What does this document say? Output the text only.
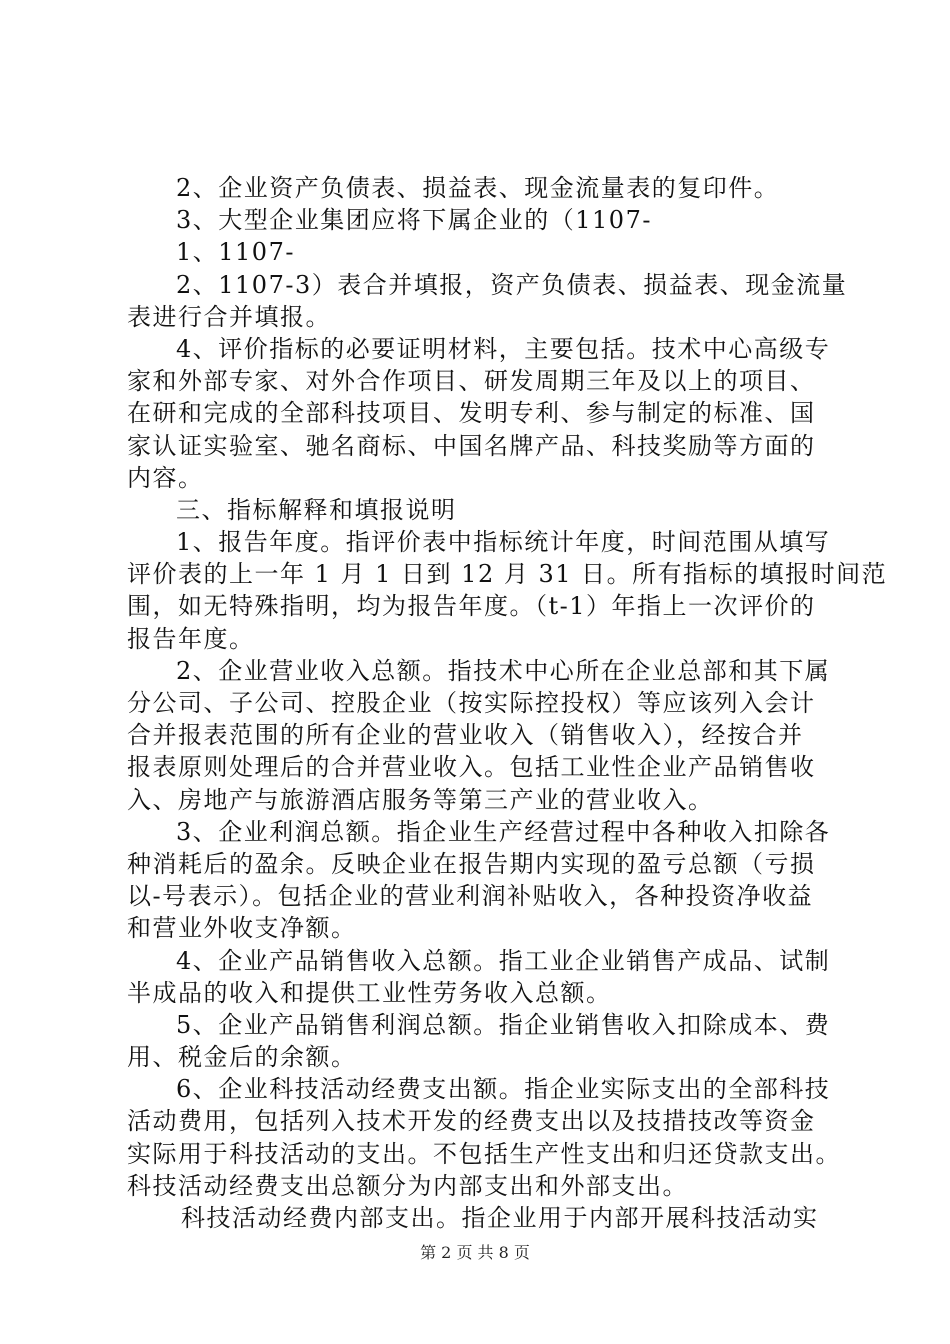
2、企业资产负债表、损益表、现金流量表的复印件。
3、大型企业集团应将下属企业的（1107-
1、1107-
2、1107-3）表合并填报，资产负债表、损益表、现金流量
表进行合并填报。
4、评价指标的必要证明材料，主要包括。技术中心高级专
家和外部专家、对外合作项目、研发周期三年及以上的项目、
在研和完成的全部科技项目、发明专利、参与制定的标准、国
家认证实验室、驰名商标、中国名牌产品、科技奖励等方面的
内容。
三、指标解释和填报说明
1、报告年度。指评价表中指标统计年度，时间范围从填写
评价表的上一年 1 月 1 日到 12 月 31 日。所有指标的填报时间范
围，如无特殊指明，均为报告年度。（t-1）年指上一次评价的
报告年度。
2、企业营业收入总额。指技术中心所在企业总部和其下属
分公司、子公司、控股企业（按实际控投权）等应该列入会计
合并报表范围的所有企业的营业收入（销售收入），经按合并
报表原则处理后的合并营业收入。包括工业性企业产品销售收
入、房地产与旅游酒店服务等第三产业的营业收入。
3、企业利润总额。指企业生产经营过程中各种收入扣除各
种消耗后的盈余。反映企业在报告期内实现的盈亏总额（亏损
以-号表示）。包括企业的营业利润补贴收入，各种投资净收益
和营业外收支净额。
4、企业产品销售收入总额。指工业企业销售产成品、试制
半成品的收入和提供工业性劳务收入总额。
5、企业产品销售利润总额。指企业销售收入扣除成本、费
用、税金后的余额。
6、企业科技活动经费支出额。指企业实际支出的全部科技
活动费用，包括列入技术开发的经费支出以及技措技改等资金
实际用于科技活动的支出。不包括生产性支出和归还贷款支出。
科技活动经费支出总额分为内部支出和外部支出。
科技活动经费内部支出。指企业用于内部开展科技活动实
第 2 页 共 8 页
